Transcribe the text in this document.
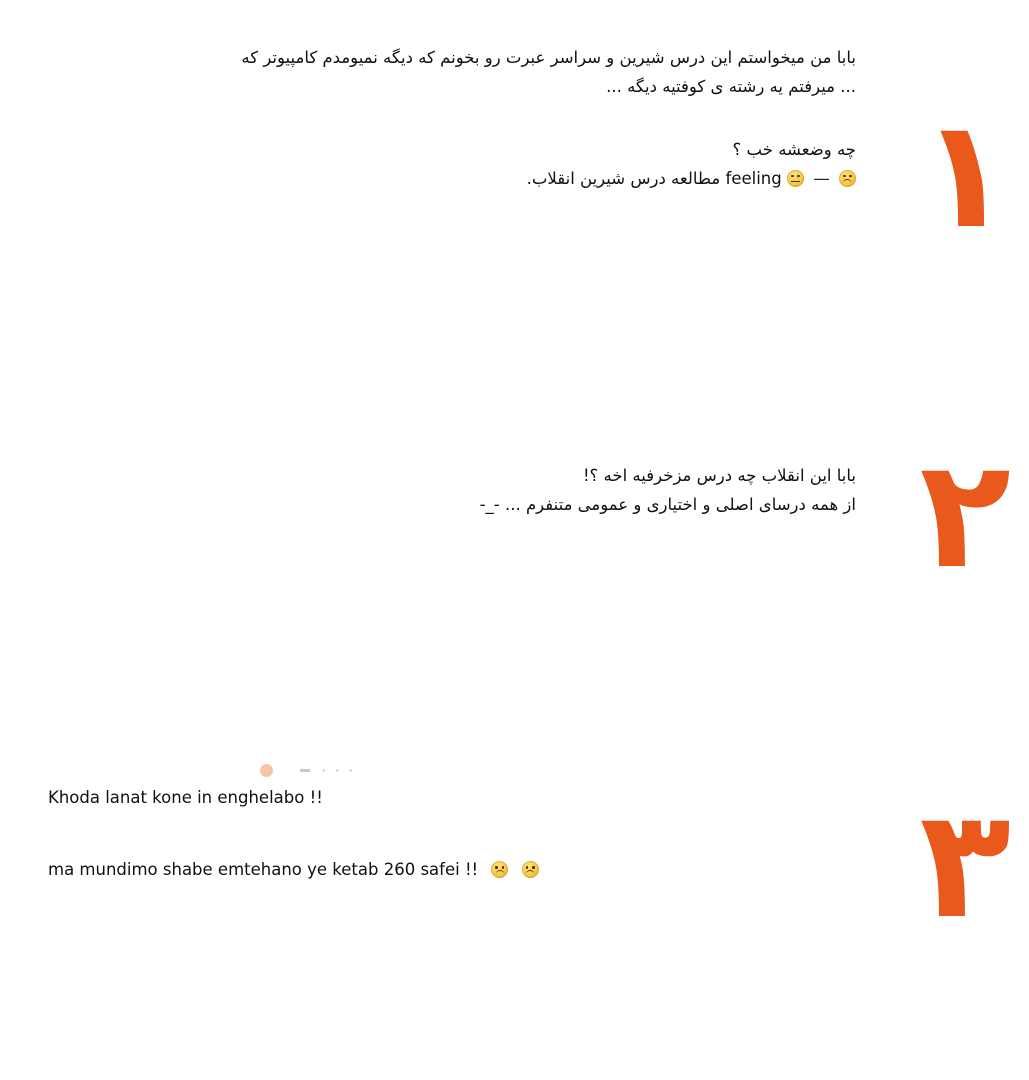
بابا من میخواستم این درس شیرین و سراسر عبرت رو بخونم که دیگه نمیومدم کامپیوتر که
... میرفتم یه رشته ی کوفتیه دیگه ...
چه وضعشه خب ؟
—
feeling مطالعه درس شیرین انقلاب.
بابا این انقلاب چه درس مزخرفیه اخه ؟!
از همه درسای اصلی و اختیاری و عمومی متنفرم ... -_-
· · ·
Khoda lanat kone in enghelabo !!
ma mundimo shabe emtehano ye ketab 260 safei !!

۱
۲
۳
